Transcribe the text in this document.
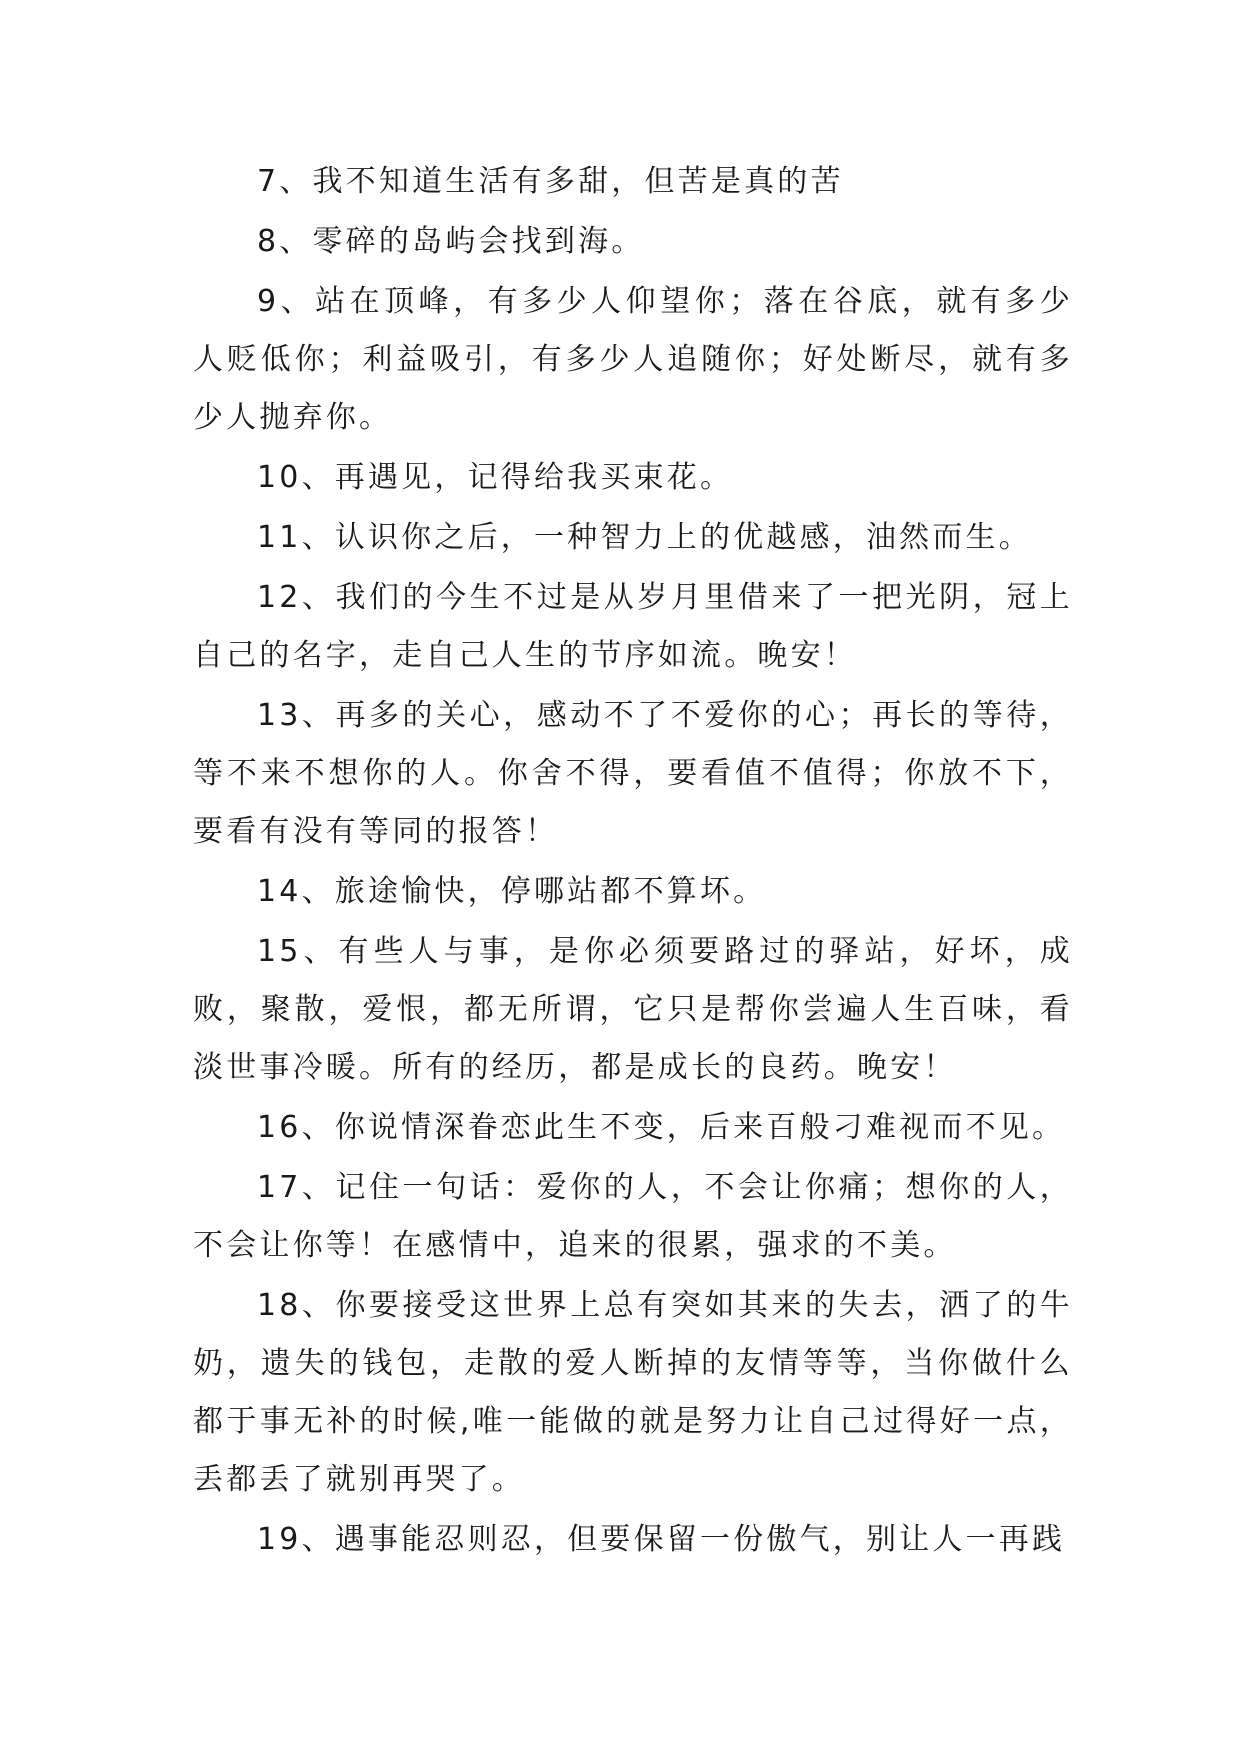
7、我不知道生活有多甜，但苦是真的苦

8、零碎的岛屿会找到海。

9、站在顶峰，有多少人仰望你；落在谷底，就有多少人贬低你；利益吸引，有多少人追随你；好处断尽，就有多少人抛弃你。

10、再遇见，记得给我买束花。

11、认识你之后，一种智力上的优越感，油然而生。

12、我们的今生不过是从岁月里借来了一把光阴，冠上自己的名字，走自己人生的节序如流。晚安！

13、再多的关心，感动不了不爱你的心；再长的等待，等不来不想你的人。你舍不得，要看值不值得；你放不下，要看有没有等同的报答！

14、旅途愉快，停哪站都不算坏。

15、有些人与事，是你必须要路过的驿站，好坏，成败，聚散，爱恨，都无所谓，它只是帮你尝遍人生百味，看淡世事冷暖。所有的经历，都是成长的良药。晚安！

16、你说情深眷恋此生不变，后来百般刁难视而不见。

17、记住一句话：爱你的人，不会让你痛；想你的人，不会让你等！在感情中，追来的很累，强求的不美。

18、你要接受这世界上总有突如其来的失去，洒了的牛奶，遗失的钱包，走散的爱人断掉的友情等等，当你做什么都于事无补的时候,唯一能做的就是努力让自己过得好一点，丢都丢了就别再哭了。

19、遇事能忍则忍，但要保留一份傲气，别让人一再践
